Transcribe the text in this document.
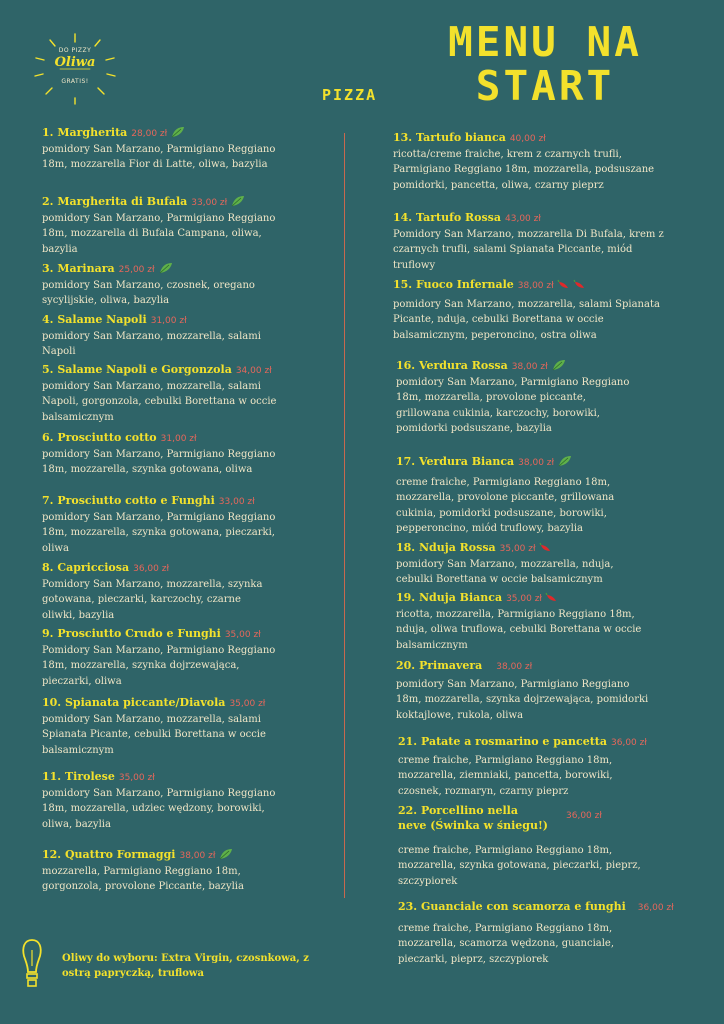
DO PIZZY
Oliwa
GRATIS!
MENU NA START
PIZZA
1. Margherita 28,00 zł
pomidory San Marzano, Parmigiano Reggiano 18m, mozzarella Fior di Latte, oliwa, bazylia
2. Margherita di Bufala 33,00 zł
pomidory San Marzano, Parmigiano Reggiano 18m, mozzarella di Bufala Campana, oliwa, bazylia
3. Marinara 25,00 zł
pomidory San Marzano, czosnek, oregano sycylijskie, oliwa, bazylia
4. Salame Napoli 31,00 zł
pomidory San Marzano, mozzarella, salami Napoli
5. Salame Napoli e Gorgonzola 34,00 zł
pomidory San Marzano, mozzarella, salami Napoli, gorgonzola, cebulki Borettana w occie balsamicznym
6. Prosciutto cotto 31,00 zł
pomidory San Marzano, Parmigiano Reggiano 18m, mozzarella, szynka gotowana, oliwa
7. Prosciutto cotto e Funghi 33,00 zł
pomidory San Marzano, Parmigiano Reggiano 18m, mozzarella, szynka gotowana, pieczarki, oliwa
8. Capricciosa 36,00 zł
Pomidory San Marzano, mozzarella, szynka gotowana, pieczarki, karczochy, czarne oliwki, bazylia
9. Prosciutto Crudo e Funghi 35,00 zł
Pomidory San Marzano, Parmigiano Reggiano 18m, mozzarella, szynka dojrzewająca, pieczarki, oliwa
10. Spianata piccante/Diavola 35,00 zł
pomidory San Marzano, mozzarella, salami Spianata Picante, cebulki Borettana w occie balsamicznym
11. Tirolese 35,00 zł
pomidory San Marzano, Parmigiano Reggiano 18m, mozzarella, udziec wędzony, borowiki, oliwa, bazylia
12. Quattro Formaggi 38,00 zł
mozzarella, Parmigiano Reggiano 18m, gorgonzola, provolone Piccante, bazylia
13. Tartufo bianca 40,00 zł
ricotta/creme fraiche, krem z czarnych trufli, Parmigiano Reggiano 18m, mozzarella, podsuszane pomidorki, pancetta, oliwa, czarny pieprz
14. Tartufo Rossa 43,00 zł
Pomidory San Marzano, mozzarella Di Bufala, krem z czarnych trufli, salami Spianata Piccante, miód truflowy
15. Fuoco Infernale 38,00 zł
pomidory San Marzano, mozzarella, salami Spianata Picante, nduja, cebulki Borettana w occie balsamicznym, peperoncino, ostra oliwa
16. Verdura Rossa 38,00 zł
pomidory San Marzano, Parmigiano Reggiano 18m, mozzarella, provolone piccante, grillowana cukinia, karczochy, borowiki, pomidorki podsuszane, bazylia
17. Verdura Bianca 38,00 zł
creme fraiche, Parmigiano Reggiano 18m, mozzarella, provolone piccante, grillowana cukinia, pomidorki podsuszane, borowiki, pepperoncino, miód truflowy, bazylia
18. Nduja Rossa 35,00 zł
pomidory San Marzano, mozzarella, nduja, cebulki Borettana w occie balsamicznym
19. Nduja Bianca 35,00 zł
ricotta, mozzarella, Parmigiano Reggiano 18m, nduja, oliwa truflowa, cebulki Borettana w occie balsamicznym
20. Primavera 38,00 zł
pomidory San Marzano, Parmigiano Reggiano 18m, mozzarella, szynka dojrzewająca, pomidorki koktajlowe, rukola, oliwa
21. Patate a rosmarino e pancetta 36,00 zł
creme fraiche, Parmigiano Reggiano 18m, mozzarella, ziemniaki, pancetta, borowiki, czosnek, rozmaryn, czarny pieprz
22. Porcellino nella neve (Świnka w śniegu!)
creme fraiche, Parmigiano Reggiano 18m, mozzarella, szynka gotowana, pieczarki, pieprz, szczypiorek
36,00 zł
23. Guanciale con scamorza e funghi 36,00 zł
creme fraiche, Parmigiano Reggiano 18m, mozzarella, scamorza wędzona, guanciale, pieczarki, pieprz, szczypiorek
Oliwy do wyboru: Extra Virgin, czosnkowa, z ostrą papryczką, truflowa
